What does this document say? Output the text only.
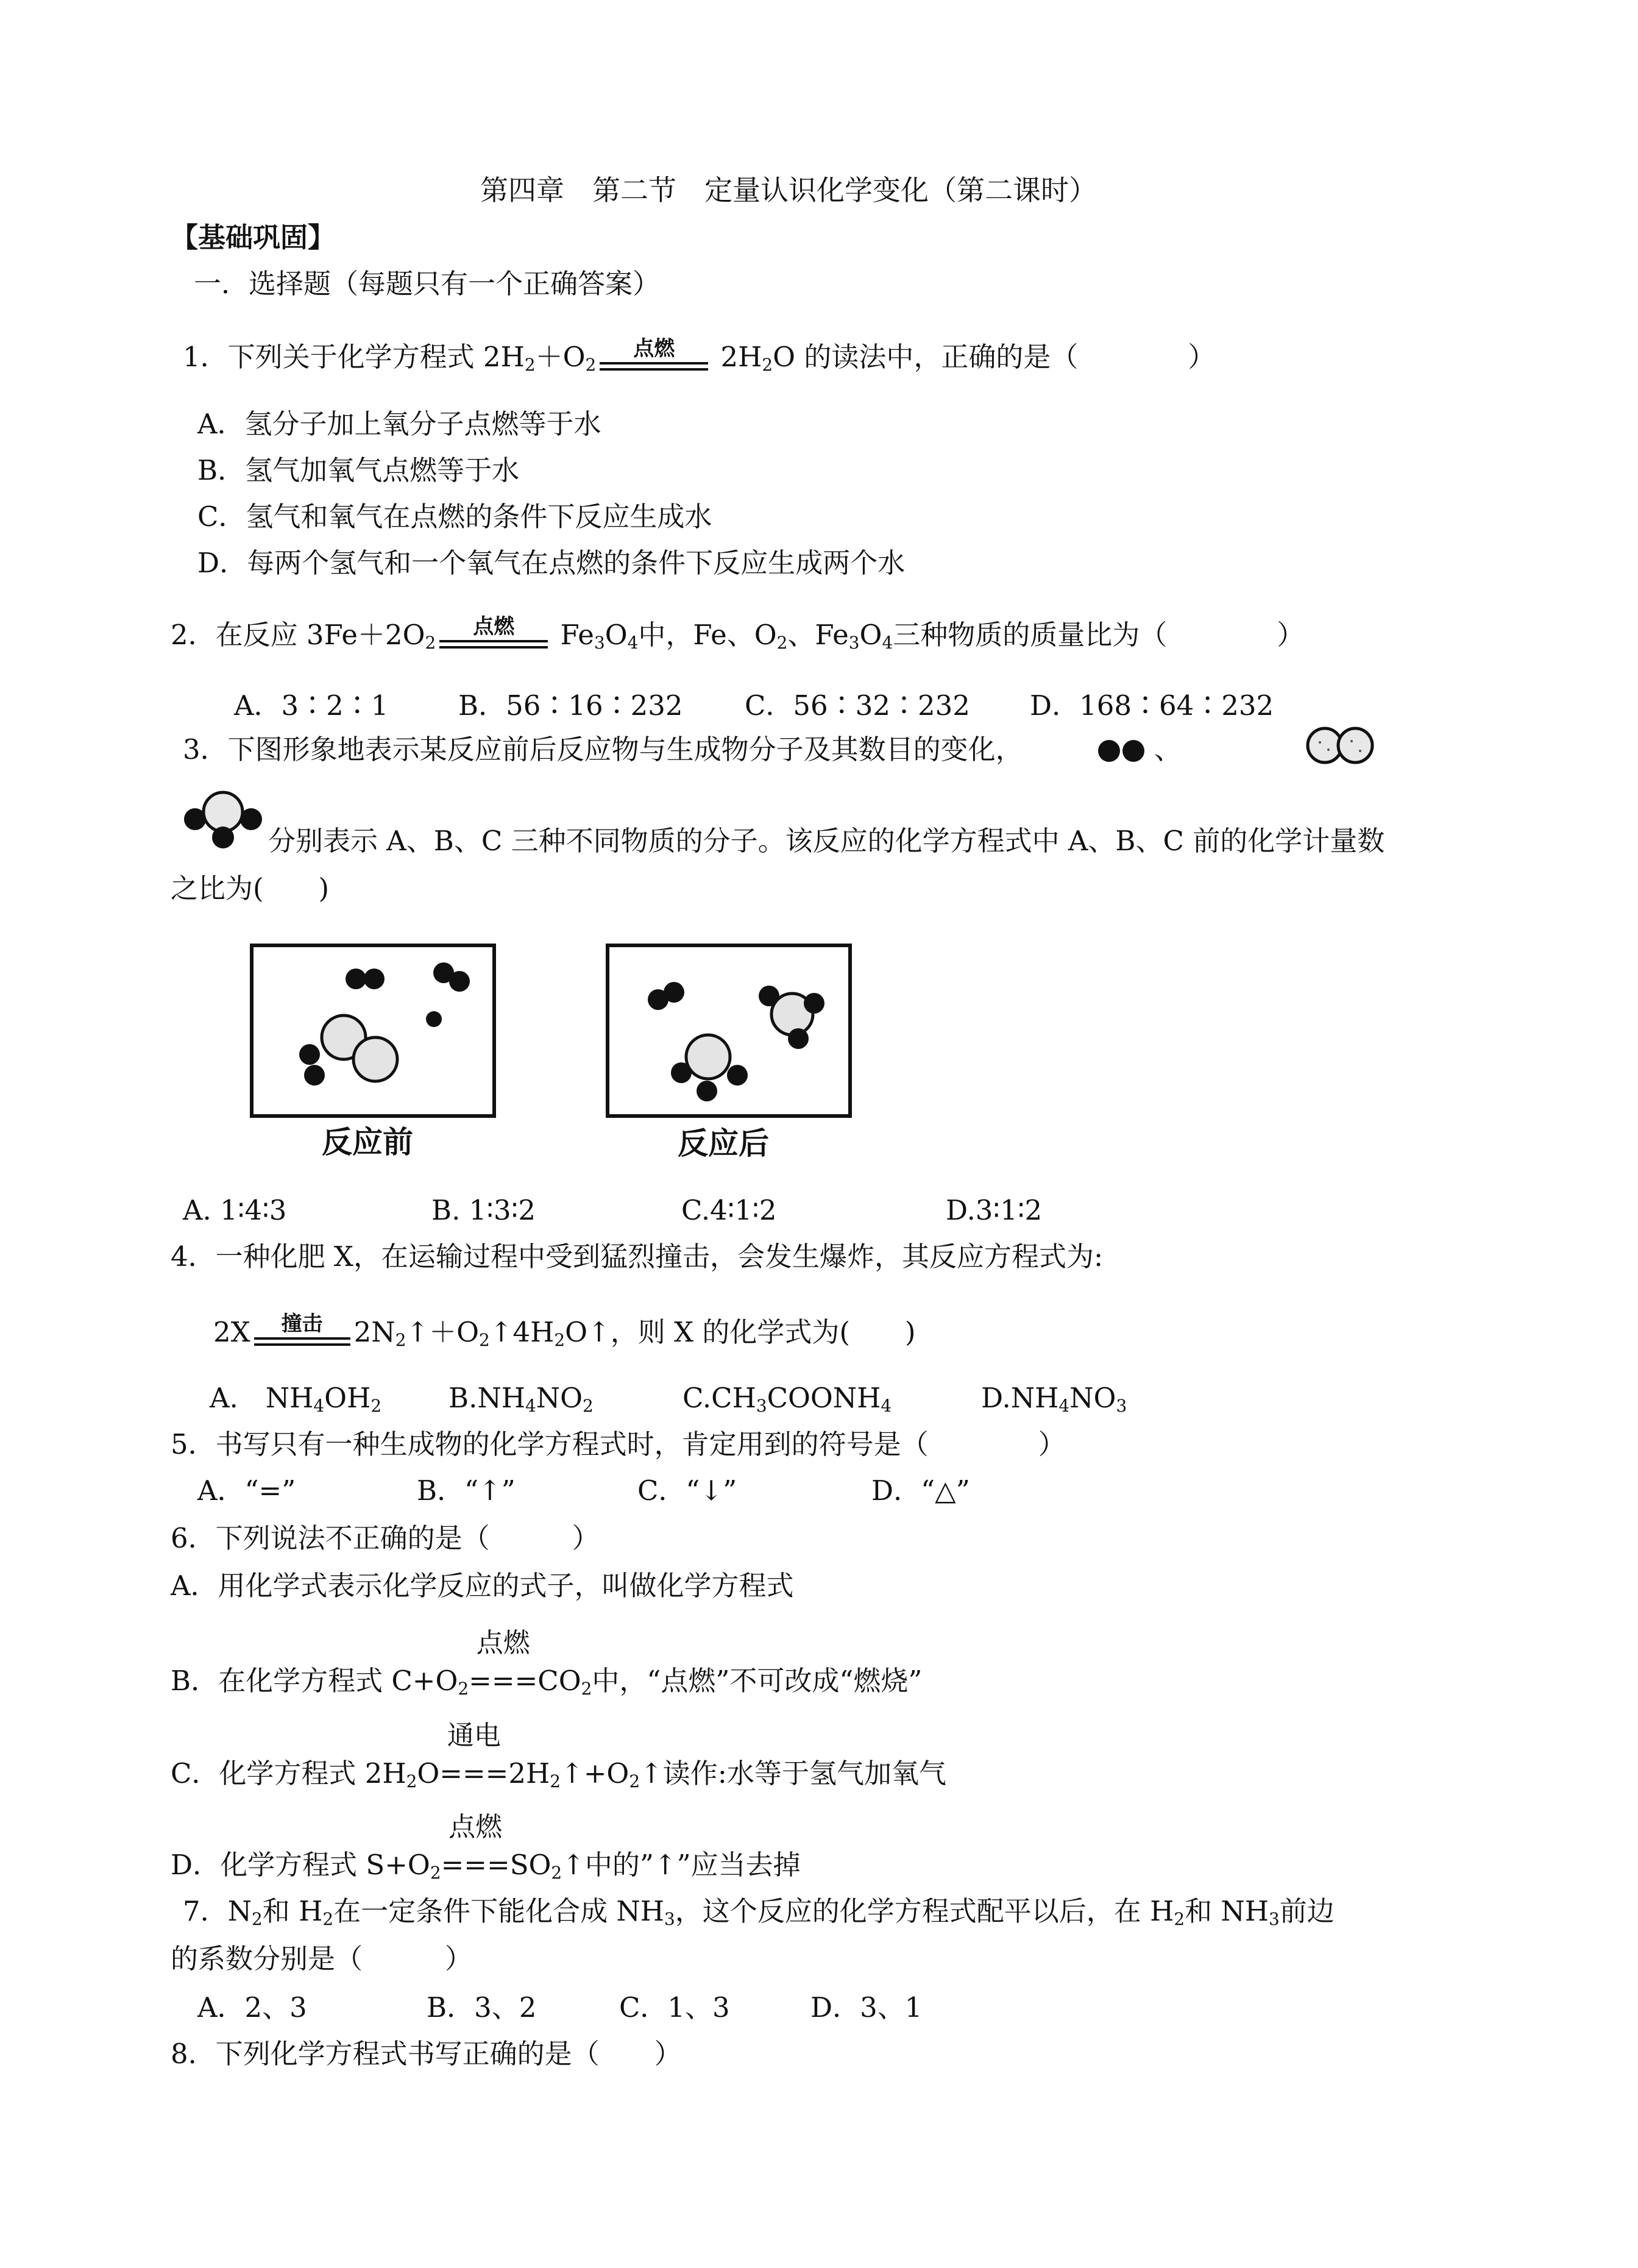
第四章　第二节　定量认识化学变化（第二课时）
【基础巩固】
一．选择题（每题只有一个正确答案）
1．下列关于化学方程式 $2H_2+O_2$
点燃	$2H_2O$ 的读法中，正确的是（　　　　）
A．氢分子加上氧分子点燃等于水
B．氢气加氧气点燃等于水
C．氢气和氧气在点燃的条件下反应生成水
D．每两个氢气和一个氧气在点燃的条件下反应生成两个水
2．在反应 $3Fe+2O_2$
点燃	$Fe_3O_4$中，Fe、$O_2$、$Fe_3O_4$三种物质的质量比为（　　　　）
A．3∶2∶1	B．56∶16∶232 C．56∶32∶232 D．168∶64∶232
3．下图形象地表示某反应前后反应物与生成物分子及其数目的变化，	、
分别表示 A、B、C 三种不同物质的分子。该反应的化学方程式中 A、B、C 前的化学计量数
之比为(　　)
反应前	反应后
A. 1∶4∶3	B. 1∶3∶2	C.4∶1∶2	D.3∶1∶2
4．一种化肥 X，在运输过程中受到猛烈撞击，会发生爆炸，其反应方程式为:
2X	撞击	$2N_2↑+O_2↑4H_2O↑$，则 X 的化学式为(　　)
A.　$NH_4OH_2$ $B.NH_4NO_2$	$C.CH_3COONH_4$	$D.NH_4NO_3$
5．书写只有一种生成物的化学方程式时，肯定用到的符号是（　　　　）
A．“=”	B．“↑”	C．“↓”	D．“△”
6．下列说法不正确的是（　　　）
A．用化学式表示化学反应的式子，叫做化学方程式
B．在化学方程式 $C+O_2$
点燃
$===CO_2$中，“点燃”不可改成“燃烧”
C．化学方程式 $2H_2O$
通电
$===2H_2↑+O_2↑$读作:水等于氢气加氧气
D．化学方程式 $S+O_2$
点燃
$===SO_2↑$中的”↑”应当去掉
7．$N_2$和 $H_2$在一定条件下能化合成 $NH_3$，这个反应的化学方程式配平以后，在 $H_2$和 $NH_3$前边
的系数分别是（　　　）
A．2、3	B．3、2	C．1、3	D．3、1
8．下列化学方程式书写正确的是（　　）
